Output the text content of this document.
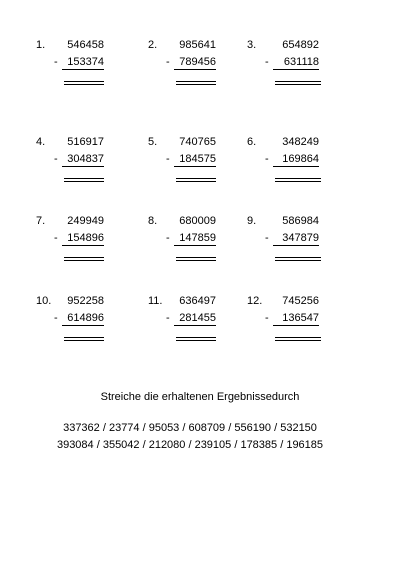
1. 546458
- 153374
2. 985641
- 789456
3.	654892
-	631118
4. 516917
- 304837
5. 740765
- 184575
6.	348249
-	169864
7. 249949
- 154896
8. 680009
- 147859
9.	586984
-	347879
10. 952258
- 614896
11. 636497
- 281455
12.	745256
-	136547
Streiche die erhaltenen Ergebnissedurch
337362 / 23774 / 95053 / 608709 / 556190 / 532150
393084 / 355042 / 212080 / 239105 / 178385 / 196185
